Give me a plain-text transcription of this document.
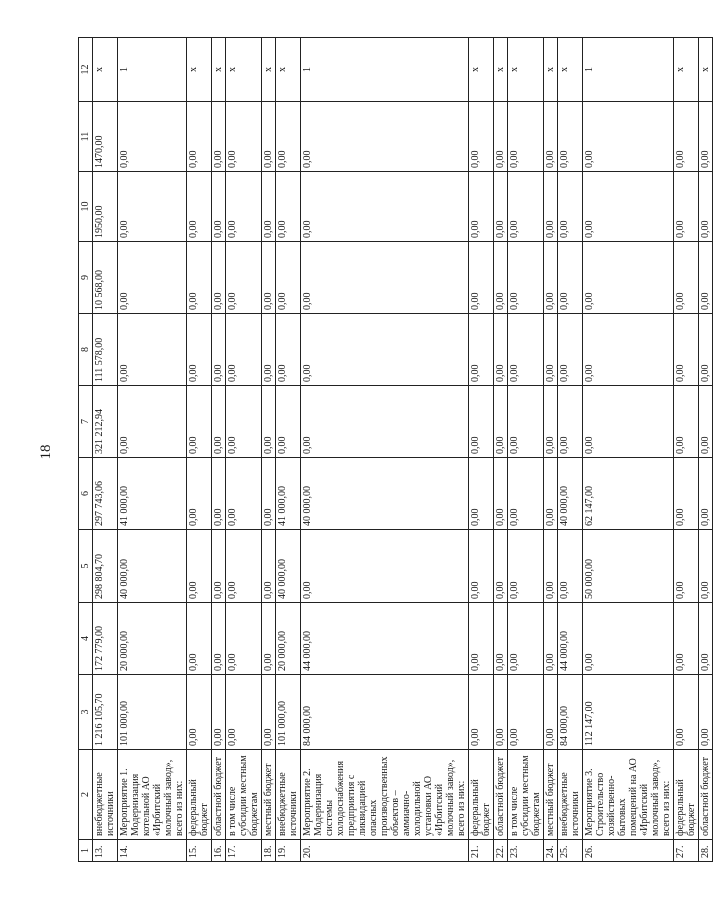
18
1	2	3	4	5	6	7	8	9	10	11	12
13.	внебюджетные источники	1 216 105,70	172 779,00	298 804,70	297 743,06	321 212,94	111 578,00	10 568,00	1950,00	1470,00	х
14.	Мероприятие 1. Модернизация котельной АО «Ирбитский молочный завод», всего из них:	101 000,00	20 000,00	40 000,00	41 000,00	0,00	0,00	0,00	0,00	0,00	1
15.	федеральный бюджет	0,00	0,00	0,00	0,00	0,00	0,00	0,00	0,00	0,00	х
16.	областной бюджет	0,00	0,00	0,00	0,00	0,00	0,00	0,00	0,00	0,00	х
17.	в том числе субсидии местным бюджетам	0,00	0,00	0,00	0,00	0,00	0,00	0,00	0,00	0,00	х
18.	местный бюджет	0,00	0,00	0,00	0,00	0,00	0,00	0,00	0,00	0,00	х
19.	внебюджетные источники	101 000,00	20 000,00	40 000,00	41 000,00	0,00	0,00	0,00	0,00	0,00	х
20.	Мероприятие 2. Модернизация системы холодоснабжения предприятия с ликвидацией опасных производственных объектов – аммиачно-холодильной установки АО «Ирбитский молочный завод», всего из них:	84 000,00	44 000,00	0,00	40 000,00	0,00	0,00	0,00	0,00	0,00	1
21.	федеральный бюджет	0,00	0,00	0,00	0,00	0,00	0,00	0,00	0,00	0,00	х
22.	областной бюджет	0,00	0,00	0,00	0,00	0,00	0,00	0,00	0,00	0,00	х
23.	в том числе субсидии местным бюджетам	0,00	0,00	0,00	0,00	0,00	0,00	0,00	0,00	0,00	х
24.	местный бюджет	0,00	0,00	0,00	0,00	0,00	0,00	0,00	0,00	0,00	х
25.	внебюджетные источники	84 000,00	44 000,00	0,00	40 000,00	0,00	0,00	0,00	0,00	0,00	х
26.	Мероприятие 3. Строительство хозяйственно-бытовых помещений на АО «Ирбитский молочный завод», всего из них:	112 147,00	0,00	50 000,00	62 147,00	0,00	0,00	0,00	0,00	0,00	1
27.	федеральный бюджет	0,00	0,00	0,00	0,00	0,00	0,00	0,00	0,00	0,00	х
28.	областной бюджет	0,00	0,00	0,00	0,00	0,00	0,00	0,00	0,00	0,00	х
